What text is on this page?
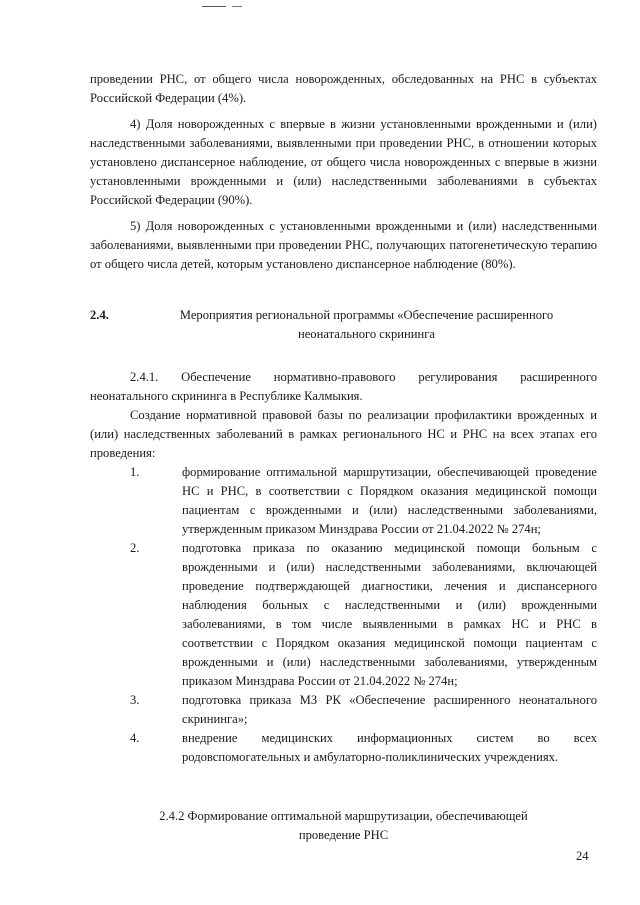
проведении РНС, от общего числа новорожденных, обследованных на РНС в субъектах Российской Федерации (4%).

4) Доля новорожденных с впервые в жизни установленными врожденными и (или) наследственными заболеваниями, выявленными при проведении РНС, в отношении которых установлено диспансерное наблюдение, от общего числа новорожденных с впервые в жизни установленными врожденными и (или) наследственными заболеваниями в субъектах Российской Федерации (90%).

5) Доля новорожденных с установленными врожденными и (или) наследственными заболеваниями, выявленными при проведении РНС, получающих патогенетическую терапию от общего числа детей, которым установлено диспансерное наблюдение (80%).

2.4.	Мероприятия региональной программы «Обеспечение расширенного
неонатального скрининга

2.4.1. Обеспечение нормативно-правового регулирования расширенного неонатального скрининга в Республике Калмыкия.

Создание нормативной правовой базы по реализации профилактики врожденных и (или) наследственных заболеваний в рамках регионального НС и РНС на всех этапах его проведения:

1.	формирование оптимальной маршрутизации, обеспечивающей проведение НС и РНС, в соответствии с Порядком оказания медицинской помощи пациентам с врожденными и (или) наследственными заболеваниями, утвержденным приказом Минздрава России от 21.04.2022 № 274н;
2.	подготовка приказа по оказанию медицинской помощи больным с врожденными и (или) наследственными заболеваниями, включающей проведение подтверждающей диагностики, лечения и диспансерного наблюдения больных с наследственными и (или) врожденными заболеваниями, в том числе выявленными в рамках НС и РНС в соответствии с Порядком оказания медицинской помощи пациентам с врожденными и (или) наследственными заболеваниями, утвержденным приказом Минздрава России от 21.04.2022 № 274н;
3.	подготовка приказа МЗ РК «Обеспечение расширенного неонатального скрининга»;
4.	внедрение медицинских информационных систем во всех родовспомогательных и амбулаторно-поликлинических учреждениях.
2.4.2 Формирование оптимальной маршрутизации, обеспечивающей
проведение РНС
24
